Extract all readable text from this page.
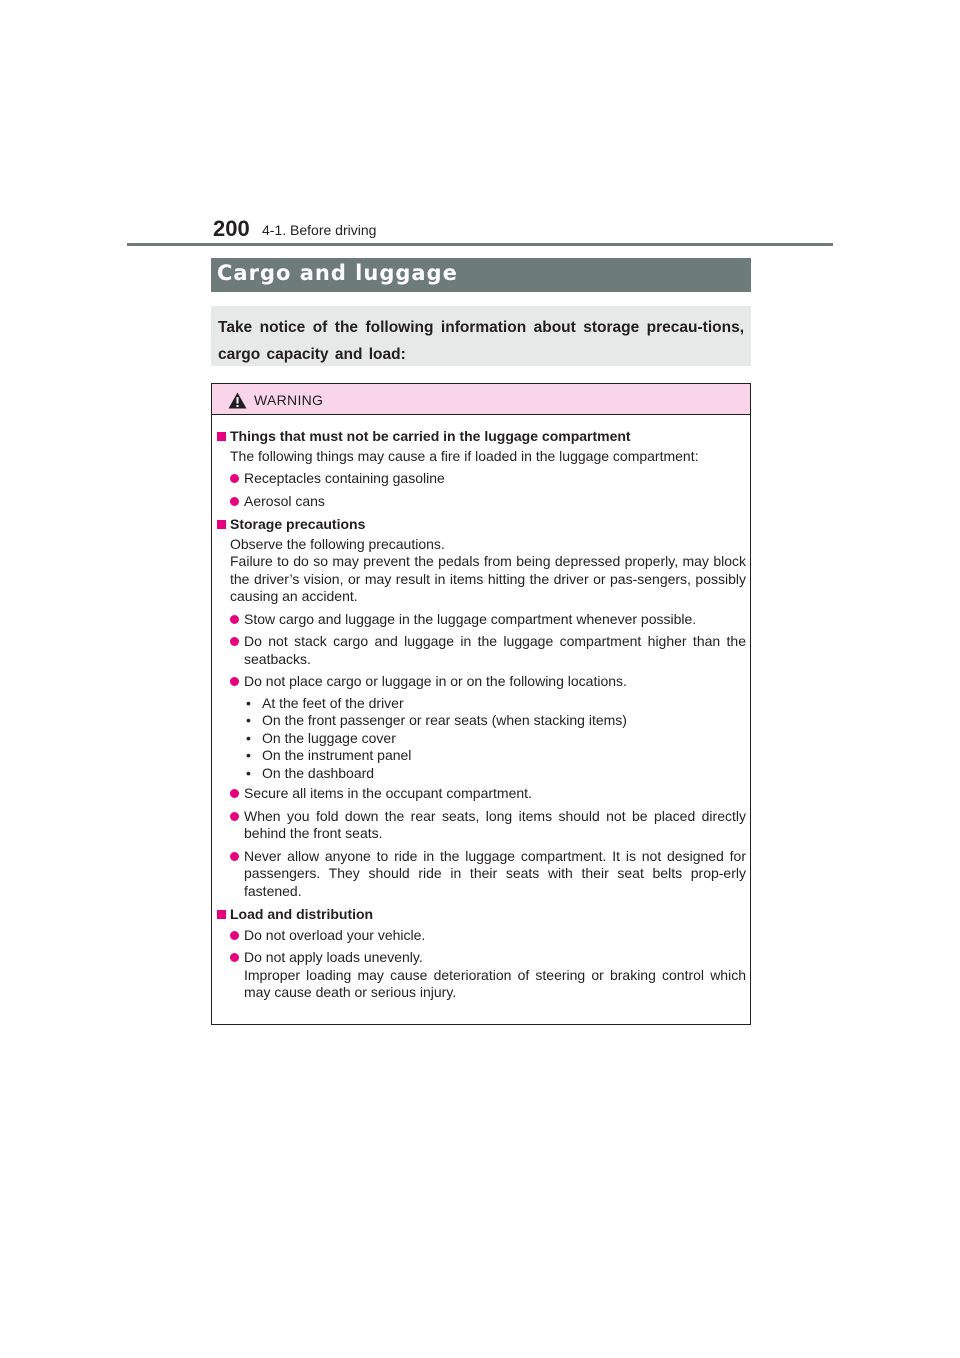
200 4-1. Before driving
Cargo and luggage
Take notice of the following information about storage precau-tions, cargo capacity and load:
WARNING
Things that must not be carried in the luggage compartment
The following things may cause a fire if loaded in the luggage compartment:
Receptacles containing gasoline
Aerosol cans
Storage precautions
Observe the following precautions.
Failure to do so may prevent the pedals from being depressed properly, may block the driver’s vision, or may result in items hitting the driver or pas-sengers, possibly causing an accident.
Stow cargo and luggage in the luggage compartment whenever possible.
Do not stack cargo and luggage in the luggage compartment higher than the seatbacks.
Do not place cargo or luggage in or on the following locations.
• At the feet of the driver
• On the front passenger or rear seats (when stacking items)
• On the luggage cover
• On the instrument panel
• On the dashboard
Secure all items in the occupant compartment.
When you fold down the rear seats, long items should not be placed directly behind the front seats.
Never allow anyone to ride in the luggage compartment. It is not designed for passengers. They should ride in their seats with their seat belts prop-erly fastened.
Load and distribution
Do not overload your vehicle.
Do not apply loads unevenly.
Improper loading may cause deterioration of steering or braking control which may cause death or serious injury.
